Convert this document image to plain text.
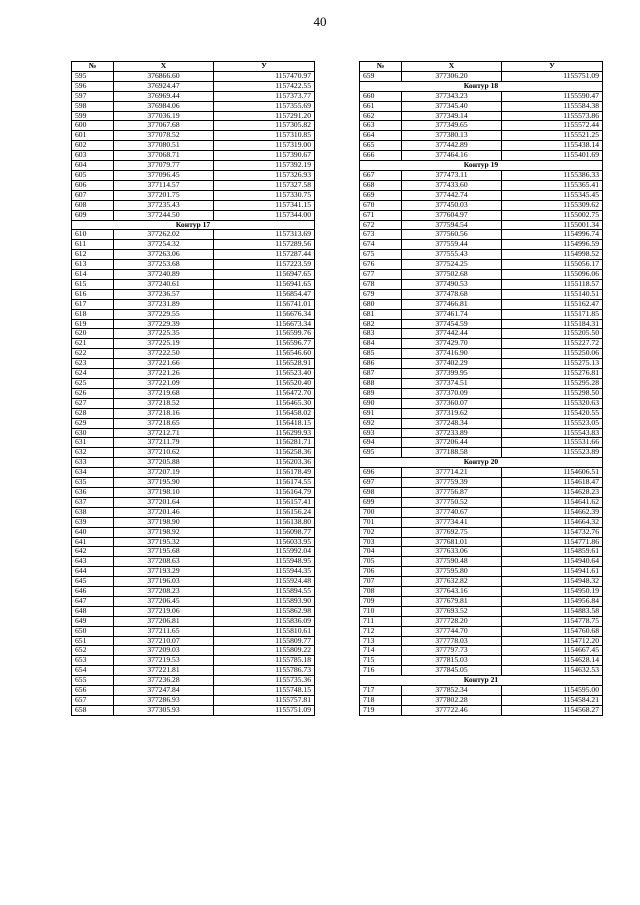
40
№	X	У
595	376866.60	1157470.97
596	376924.47	1157422.55
597	376969.44	1157373.77
598	376984.06	1157355.69
599	377036.19	1157291.20
600	377067.68	1157305.82
601	377078.52	1157310.85
602	377080.51	1157319.00
603	377068.71	1157390.67
604	377079.77	1157392.19
605	377096.45	1157326.93
606	377114.57	1157327.58
607	377201.75	1157330.75
608	377235.43	1157341.15
609	377244.50	1157344.00
Контур 17		
610	377262.02	1157313.69
611	377254.32	1157289.56
612	377263.06	1157287.44
613	377253.68	1157223.59
614	377240.89	1156947.65
615	377240.61	1156941.65
616	377236.57	1156854.47
617	377231.89	1156741.01
618	377229.55	1156676.34
619	377229.39	1156673.34
620	377225.35	1156599.76
621	377225.19	1156596.77
622	377222.50	1156546.60
623	377221.66	1156528.91
624	377221.26	1156523.40
625	377221.09	1156520.40
626	377219.68	1156472.70
627	377218.52	1156465.30
628	377218.16	1156458.02
629	377218.65	1156418.15
630	377212.71	1156299.93
631	377211.79	1156281.71
632	377210.62	1156258.36
633	377205.88	1156203.36
634	377207.19	1156178.49
635	377195.90	1156174.55
636	377198.10	1156164.79
637	377201.64	1156157.41
638	377201.46	1156156.24
639	377198.90	1156138.80
640	377198.92	1156098.77
641	377195.32	1156033.95
642	377195.68	1155992.04
643	377208.63	1155948.95
644	377193.29	1155944.35
645	377196.03	1155924.48
646	377208.23	1155894.55
647	377206.45	1155893.90
648	377219.06	1155862.98
649	377206.81	1155836.09
650	377211.65	1155810.61
651	377210.07	1155809.77
652	377209.03	1155809.22
653	377219.53	1155785.18
654	377221.81	1155786.73
655	377236.28	1155735.36
656	377247.84	1155748.15
657	377286.93	1155757.81
658	377305.93	1155751.09
№	X	У
659	377306.20	1155751.09
Контур 18		
660	377343.23	1155590.47
661	377345.40	1155584.38
662	377349.14	1155573.86
663	377349.65	1155572.44
664	377380.13	1155521.25
665	377442.89	1155438.14
666	377464.16	1155401.69
Контур 19		
667	377473.11	1155386.33
668	377433.60	1155365.41
669	377442.74	1155345.45
670	377450.03	1155309.62
671	377604.97	1155002.75
672	377594.54	1155001.34
673	377560.56	1154996.74
674	377559.44	1154996.59
675	377555.43	1154998.52
676	377524.25	1155056.17
677	377502.68	1155096.06
678	377490.53	1155118.57
679	377478.68	1155140.51
680	377466.81	1155162.47
681	377461.74	1155171.85
682	377454.59	1155184.31
683	377442.44	1155205.50
684	377429.70	1155227.72
685	377416.90	1155250.06
686	377402.29	1155275.13
687	377399.95	1155276.81
688	377374.51	1155295.28
689	377370.09	1155298.50
690	377360.07	1155320.63
691	377319.62	1155420.55
692	377248.34	1155523.05
693	377233.89	1155543.83
694	377206.44	1155531.66
695	377188.58	1155523.89
Контур 20		
696	377714.21	1154606.51
697	377759.39	1154618.47
698	377756.87	1154628.23
699	377750.52	1154641.62
700	377740.67	1154662.39
701	377734.41	1154664.32
702	377692.75	1154732.76
703	377681.01	1154771.86
704	377633.06	1154859.61
705	377590.48	1154940.64
706	377595.80	1154941.61
707	377632.82	1154948.32
708	377643.16	1154950.19
709	377679.81	1154956.84
710	377693.52	1154883.58
711	377728.20	1154778.75
712	377744.70	1154760.68
713	377778.03	1154712.20
714	377797.73	1154667.45
715	377815.03	1154628.14
716	377845.05	1154632.53
Контур 21		
717	377852.34	1154595.00
718	377802.28	1154584.21
719	377722.46	1154568.27
